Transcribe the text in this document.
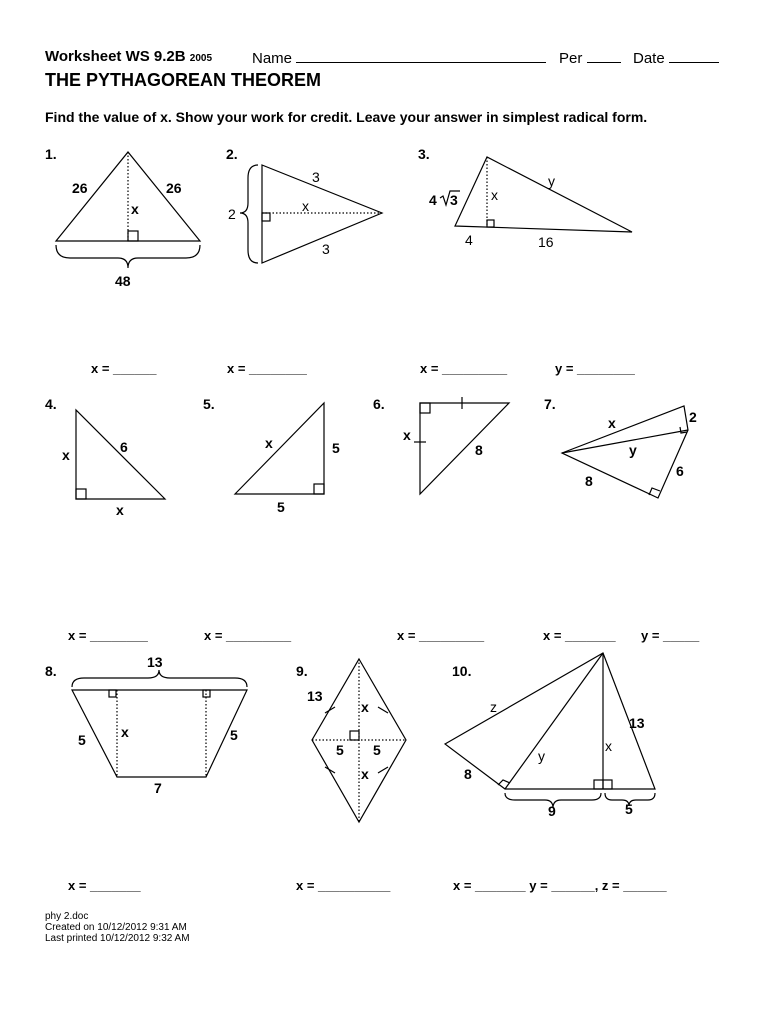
Worksheet WS 9.2B 2005	Name	Per	Date
THE PYTHAGOREAN THEOREM
Find the value of x. Show your work for credit. Leave your answer in simplest radical form.
1.	2.	3.
4.	5.	6.	7.
8.	9.	10.
x = ______	x = ________	x = _________	y = ________
x = ________	x = _________	x = _________	x = _______ y = _____
x = _______	x = __________	x = _______ y = ______, z = ______
phy 2.doc
Created on 10/12/2012 9:31 AM
Last printed 10/12/2012 9:32 AM
26	26
x
48
3
x
2
3
4 3 x
y
4	16
x	6
x
x	5
5
x
8
x	2
y
6
8
13
5	x	5
7
13
x
5 5
x
z
13
y
x
8
9	5
